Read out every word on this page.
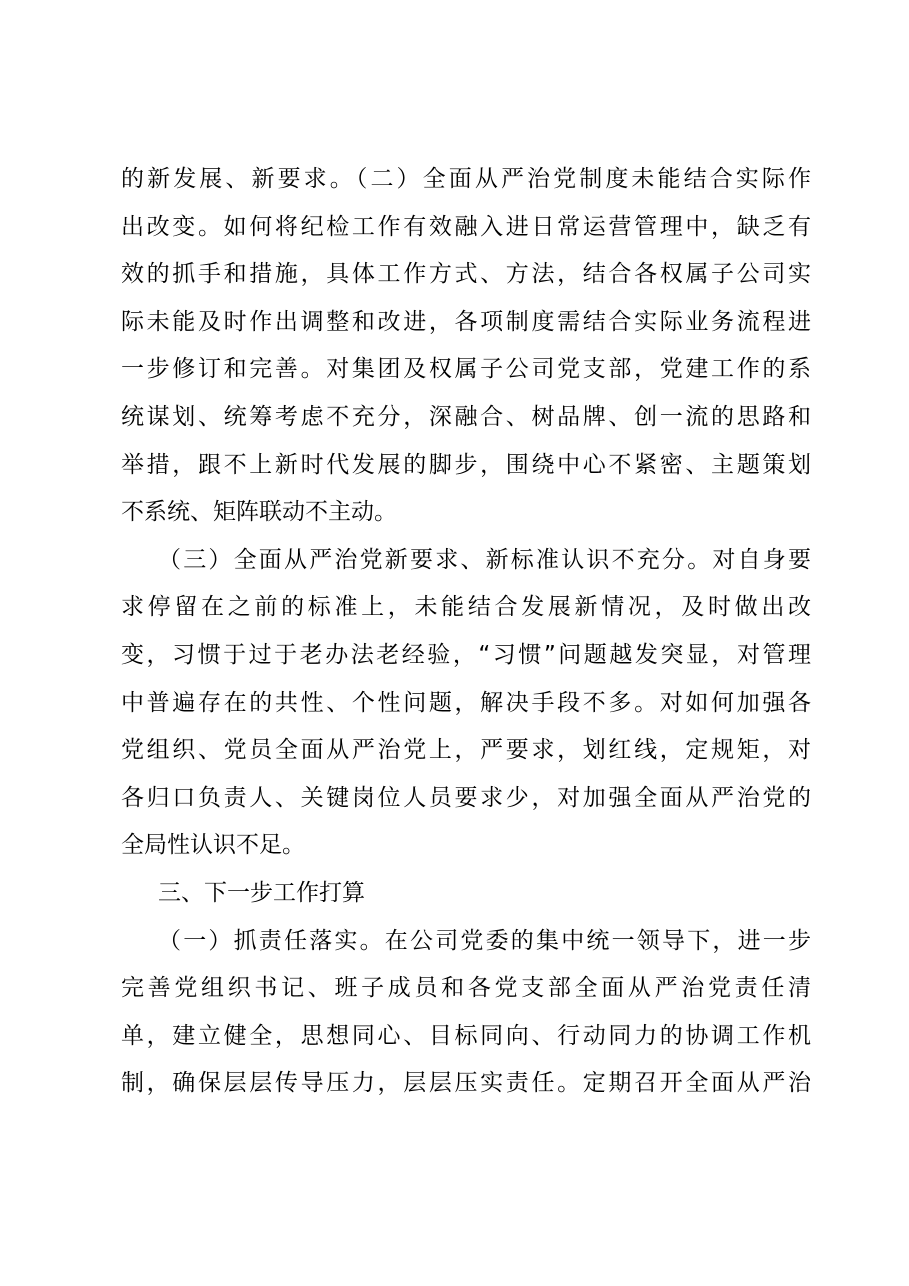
的新发展、新要求。（二）全面从严治党制度未能结合实际作
出改变。如何将纪检工作有效融入进日常运营管理中，缺乏有
效的抓手和措施，具体工作方式、方法，结合各权属子公司实
际未能及时作出调整和改进，各项制度需结合实际业务流程进
一步修订和完善。对集团及权属子公司党支部，党建工作的系
统谋划、统筹考虑不充分，深融合、树品牌、创一流的思路和
举措，跟不上新时代发展的脚步，围绕中心不紧密、主题策划
不系统、矩阵联动不主动。
（三）全面从严治党新要求、新标准认识不充分。对自身要
求停留在之前的标准上，未能结合发展新情况，及时做出改
变，习惯于过于老办法老经验，“习惯”问题越发突显，对管理
中普遍存在的共性、个性问题，解决手段不多。对如何加强各
党组织、党员全面从严治党上，严要求，划红线，定规矩，对
各归口负责人、关键岗位人员要求少，对加强全面从严治党的
全局性认识不足。
三、下一步工作打算
（一）抓责任落实。在公司党委的集中统一领导下，进一步
完善党组织书记、班子成员和各党支部全面从严治党责任清
单，建立健全，思想同心、目标同向、行动同力的协调工作机
制，确保层层传导压力，层层压实责任。定期召开全面从严治
